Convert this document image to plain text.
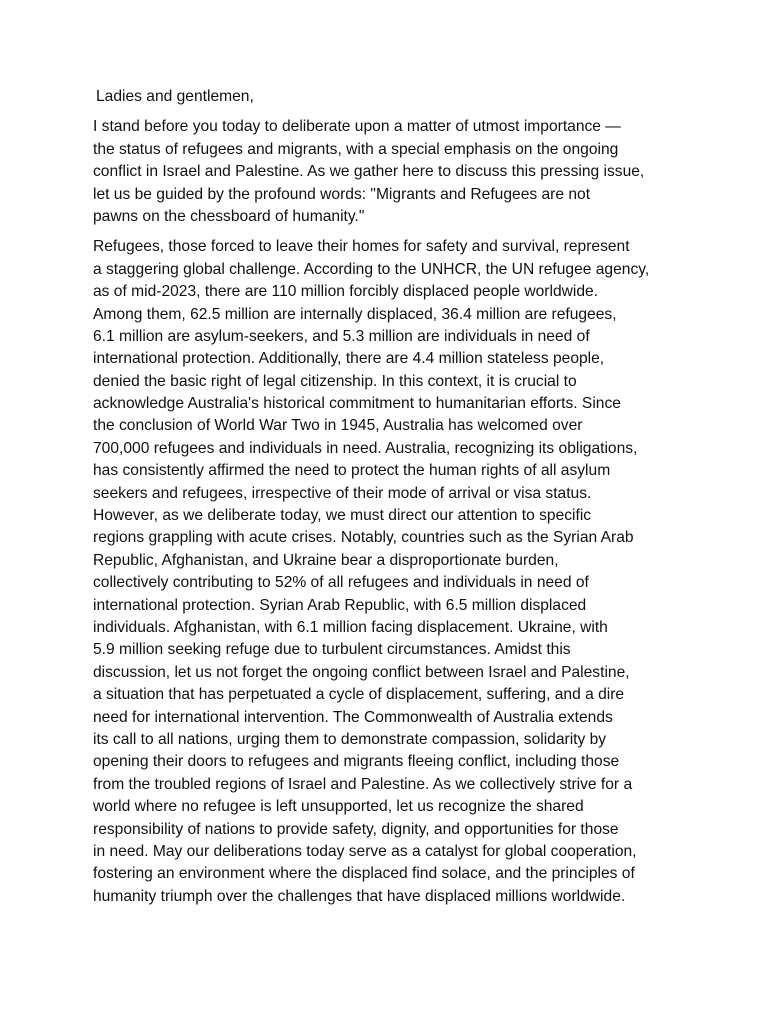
Ladies and gentlemen,
I stand before you today to deliberate upon a matter of utmost importance —
the status of refugees and migrants, with a special emphasis on the ongoing
conflict in Israel and Palestine. As we gather here to discuss this pressing issue,
let us be guided by the profound words: "Migrants and Refugees are not
pawns on the chessboard of humanity."
Refugees, those forced to leave their homes for safety and survival, represent
a staggering global challenge. According to the UNHCR, the UN refugee agency,
as of mid-2023, there are 110 million forcibly displaced people worldwide.
Among them, 62.5 million are internally displaced, 36.4 million are refugees,
6.1 million are asylum-seekers, and 5.3 million are individuals in need of
international protection. Additionally, there are 4.4 million stateless people,
denied the basic right of legal citizenship. In this context, it is crucial to
acknowledge Australia's historical commitment to humanitarian efforts. Since
the conclusion of World War Two in 1945, Australia has welcomed over
700,000 refugees and individuals in need. Australia, recognizing its obligations,
has consistently affirmed the need to protect the human rights of all asylum
seekers and refugees, irrespective of their mode of arrival or visa status.
However, as we deliberate today, we must direct our attention to specific
regions grappling with acute crises. Notably, countries such as the Syrian Arab
Republic, Afghanistan, and Ukraine bear a disproportionate burden,
collectively contributing to 52% of all refugees and individuals in need of
international protection. Syrian Arab Republic, with 6.5 million displaced
individuals. Afghanistan, with 6.1 million facing displacement. Ukraine, with
5.9 million seeking refuge due to turbulent circumstances. Amidst this
discussion, let us not forget the ongoing conflict between Israel and Palestine,
a situation that has perpetuated a cycle of displacement, suffering, and a dire
need for international intervention. The Commonwealth of Australia extends
its call to all nations, urging them to demonstrate compassion, solidarity by
opening their doors to refugees and migrants fleeing conflict, including those
from the troubled regions of Israel and Palestine. As we collectively strive for a
world where no refugee is left unsupported, let us recognize the shared
responsibility of nations to provide safety, dignity, and opportunities for those
in need. May our deliberations today serve as a catalyst for global cooperation,
fostering an environment where the displaced find solace, and the principles of
humanity triumph over the challenges that have displaced millions worldwide.
